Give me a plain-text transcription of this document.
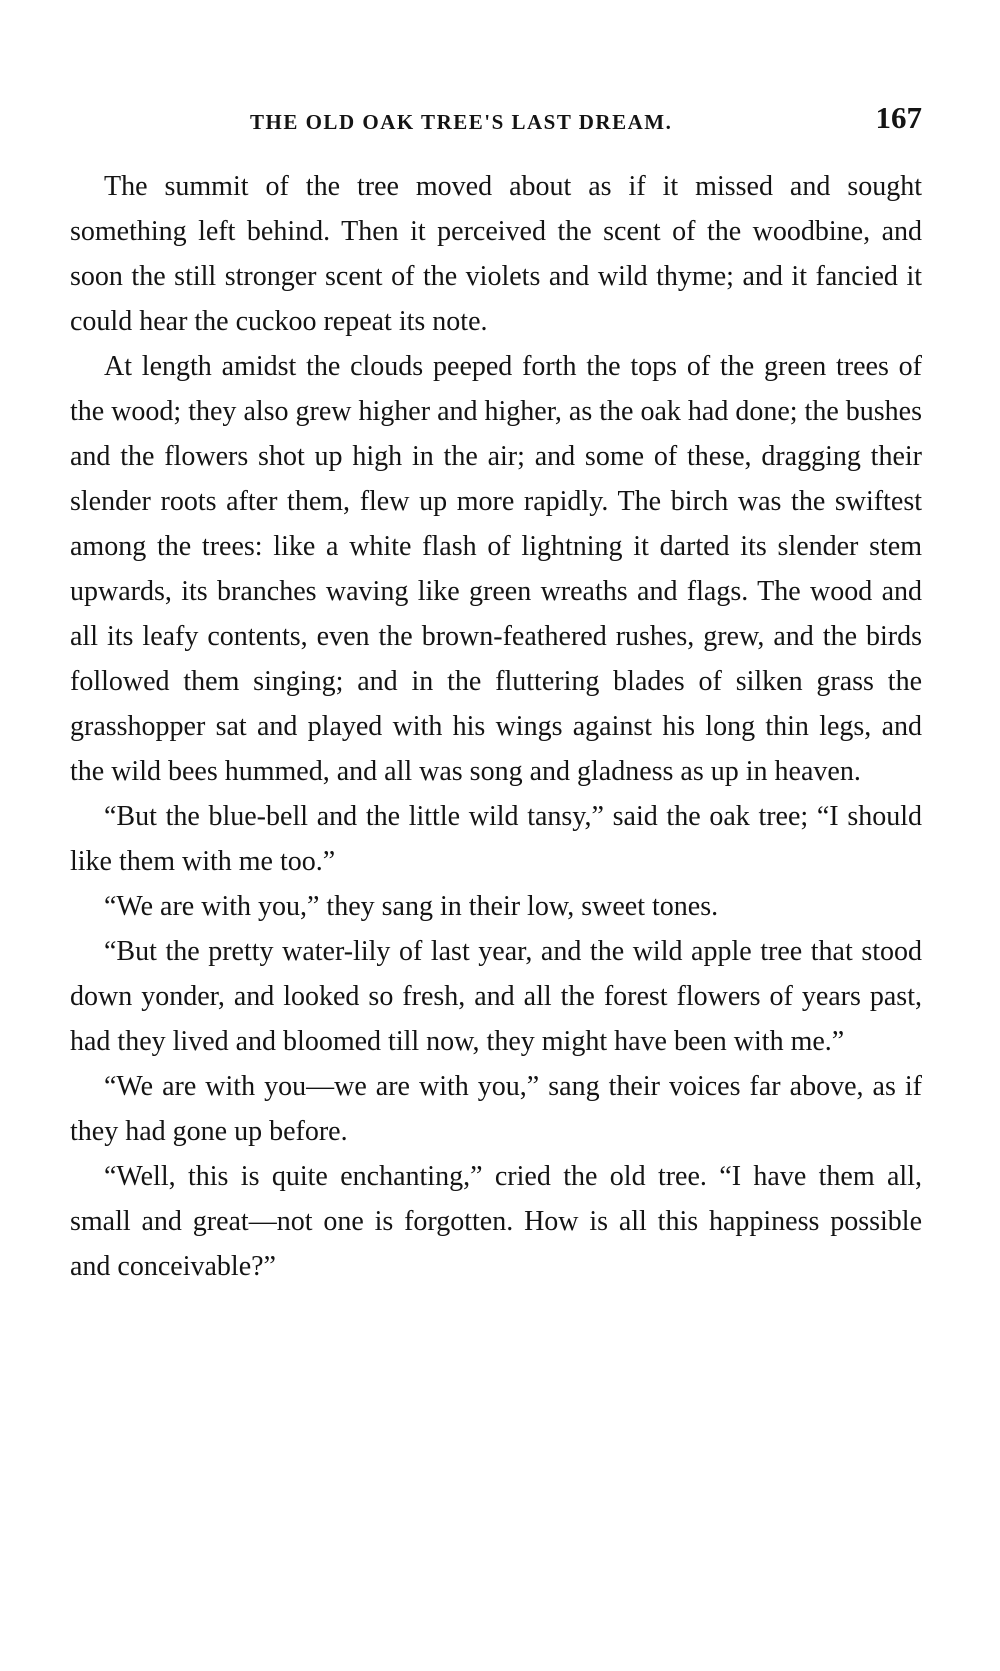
THE OLD OAK TREE'S LAST DREAM.	167

The summit of the tree moved about as if it missed and sought something left behind. Then it perceived the scent of the woodbine, and soon the still stronger scent of the violets and wild thyme; and it fancied it could hear the cuckoo repeat its note.

At length amidst the clouds peeped forth the tops of the green trees of the wood; they also grew higher and higher, as the oak had done; the bushes and the flowers shot up high in the air; and some of these, dragging their slender roots after them, flew up more rapidly. The birch was the swiftest among the trees: like a white flash of lightning it darted its slender stem upwards, its branches waving like green wreaths and flags. The wood and all its leafy contents, even the brown-feathered rushes, grew, and the birds followed them singing; and in the fluttering blades of silken grass the grasshopper sat and played with his wings against his long thin legs, and the wild bees hummed, and all was song and gladness as up in heaven.

“But the blue-bell and the little wild tansy,” said the oak tree; “I should like them with me too.”

“We are with you,” they sang in their low, sweet tones.

“But the pretty water-lily of last year, and the wild apple tree that stood down yonder, and looked so fresh, and all the forest flowers of years past, had they lived and bloomed till now, they might have been with me.”

“We are with you—we are with you,” sang their voices far above, as if they had gone up before.

“Well, this is quite enchanting,” cried the old tree. “I have them all, small and great—not one is forgotten. How is all this happiness possible and conceivable?”
